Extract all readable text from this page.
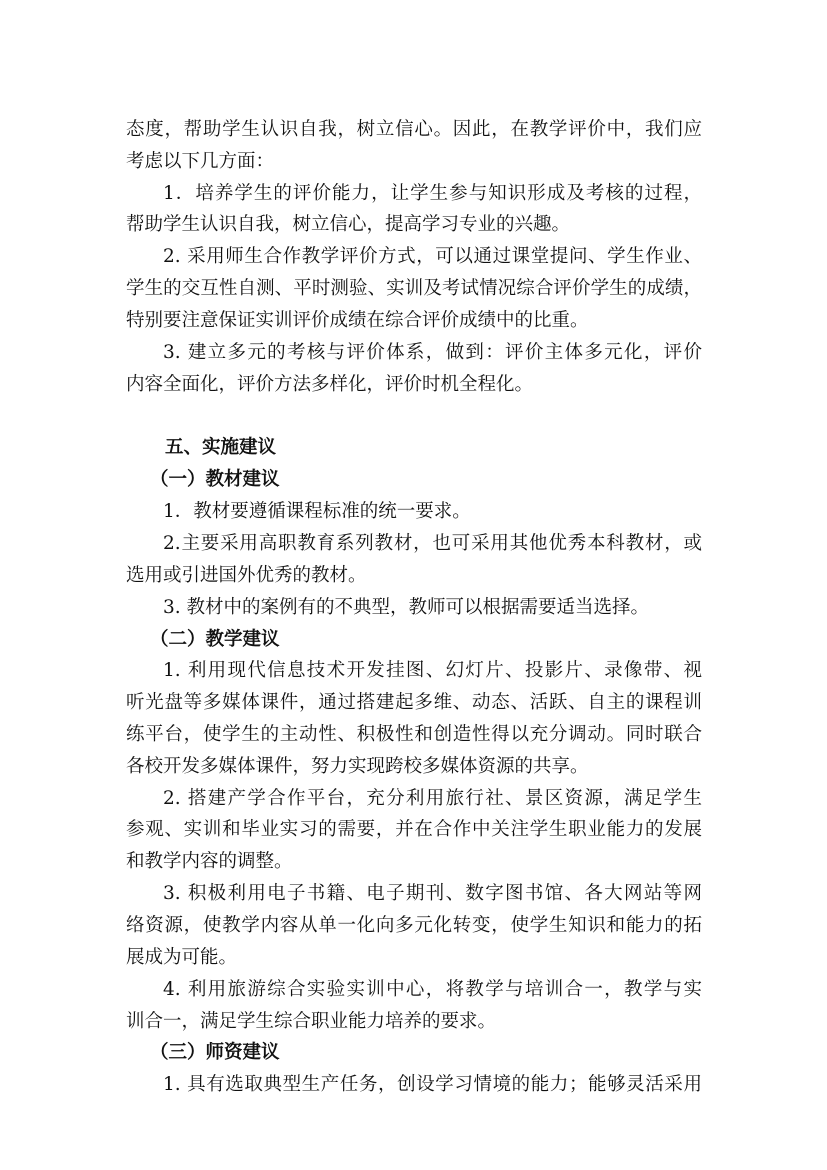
态度，帮助学生认识自我，树立信心。因此，在教学评价中，我们应
考虑以下几方面：
1．培养学生的评价能力，让学生参与知识形成及考核的过程，
帮助学生认识自我，树立信心，提高学习专业的兴趣。
2. 采用师生合作教学评价方式，可以通过课堂提问、学生作业、
学生的交互性自测、平时测验、实训及考试情况综合评价学生的成绩，
特别要注意保证实训评价成绩在综合评价成绩中的比重。
3. 建立多元的考核与评价体系，做到：评价主体多元化，评价
内容全面化，评价方法多样化，评价时机全程化。
五、实施建议
（一）教材建议
1．教材要遵循课程标准的统一要求。
2.主要采用高职教育系列教材，也可采用其他优秀本科教材，或
选用或引进国外优秀的教材。
3. 教材中的案例有的不典型，教师可以根据需要适当选择。
（二）教学建议
1. 利用现代信息技术开发挂图、幻灯片、投影片、录像带、视
听光盘等多媒体课件，通过搭建起多维、动态、活跃、自主的课程训
练平台，使学生的主动性、积极性和创造性得以充分调动。同时联合
各校开发多媒体课件，努力实现跨校多媒体资源的共享。
2. 搭建产学合作平台，充分利用旅行社、景区资源，满足学生
参观、实训和毕业实习的需要，并在合作中关注学生职业能力的发展
和教学内容的调整。
3. 积极利用电子书籍、电子期刊、数字图书馆、各大网站等网
络资源，使教学内容从单一化向多元化转变，使学生知识和能力的拓
展成为可能。
4. 利用旅游综合实验实训中心，将教学与培训合一，教学与实
训合一，满足学生综合职业能力培养的要求。
（三）师资建议
1. 具有选取典型生产任务，创设学习情境的能力；能够灵活采用
